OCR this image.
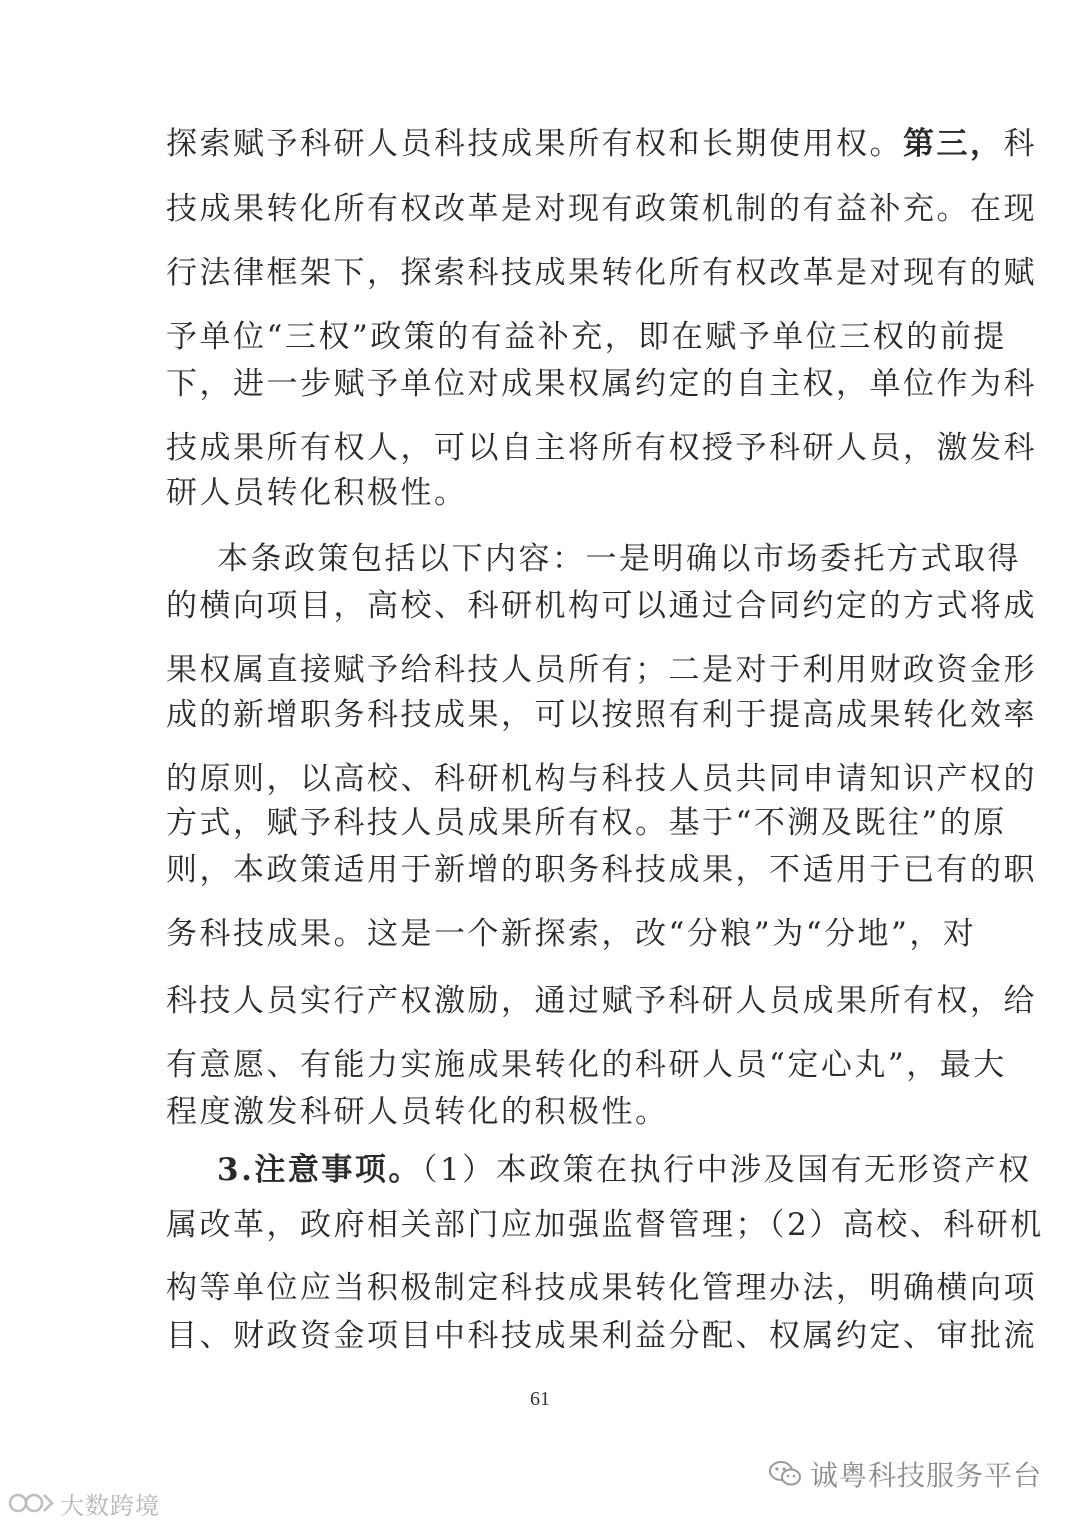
探索赋予科研人员科技成果所有权和长期使用权。第三，科
技成果转化所有权改革是对现有政策机制的有益补充。在现
行法律框架下，探索科技成果转化所有权改革是对现有的赋
予单位“三权”政策的有益补充，即在赋予单位三权的前提
下，进一步赋予单位对成果权属约定的自主权，单位作为科
技成果所有权人，可以自主将所有权授予科研人员，激发科
研人员转化积极性。
本条政策包括以下内容：一是明确以市场委托方式取得
的横向项目，高校、科研机构可以通过合同约定的方式将成
果权属直接赋予给科技人员所有；二是对于利用财政资金形
成的新增职务科技成果，可以按照有利于提高成果转化效率
的原则，以高校、科研机构与科技人员共同申请知识产权的
方式，赋予科技人员成果所有权。基于“不溯及既往”的原
则，本政策适用于新增的职务科技成果，不适用于已有的职
务科技成果。这是一个新探索，改“分粮”为“分地”，对
科技人员实行产权激励，通过赋予科研人员成果所有权，给
有意愿、有能力实施成果转化的科研人员“定心丸”，最大
程度激发科研人员转化的积极性。
3.注意事项。（1）本政策在执行中涉及国有无形资产权
属改革，政府相关部门应加强监督管理；（2）高校、科研机
构等单位应当积极制定科技成果转化管理办法，明确横向项
目、财政资金项目中科技成果利益分配、权属约定、审批流
61
诚粤科技服务平台
大数跨境
